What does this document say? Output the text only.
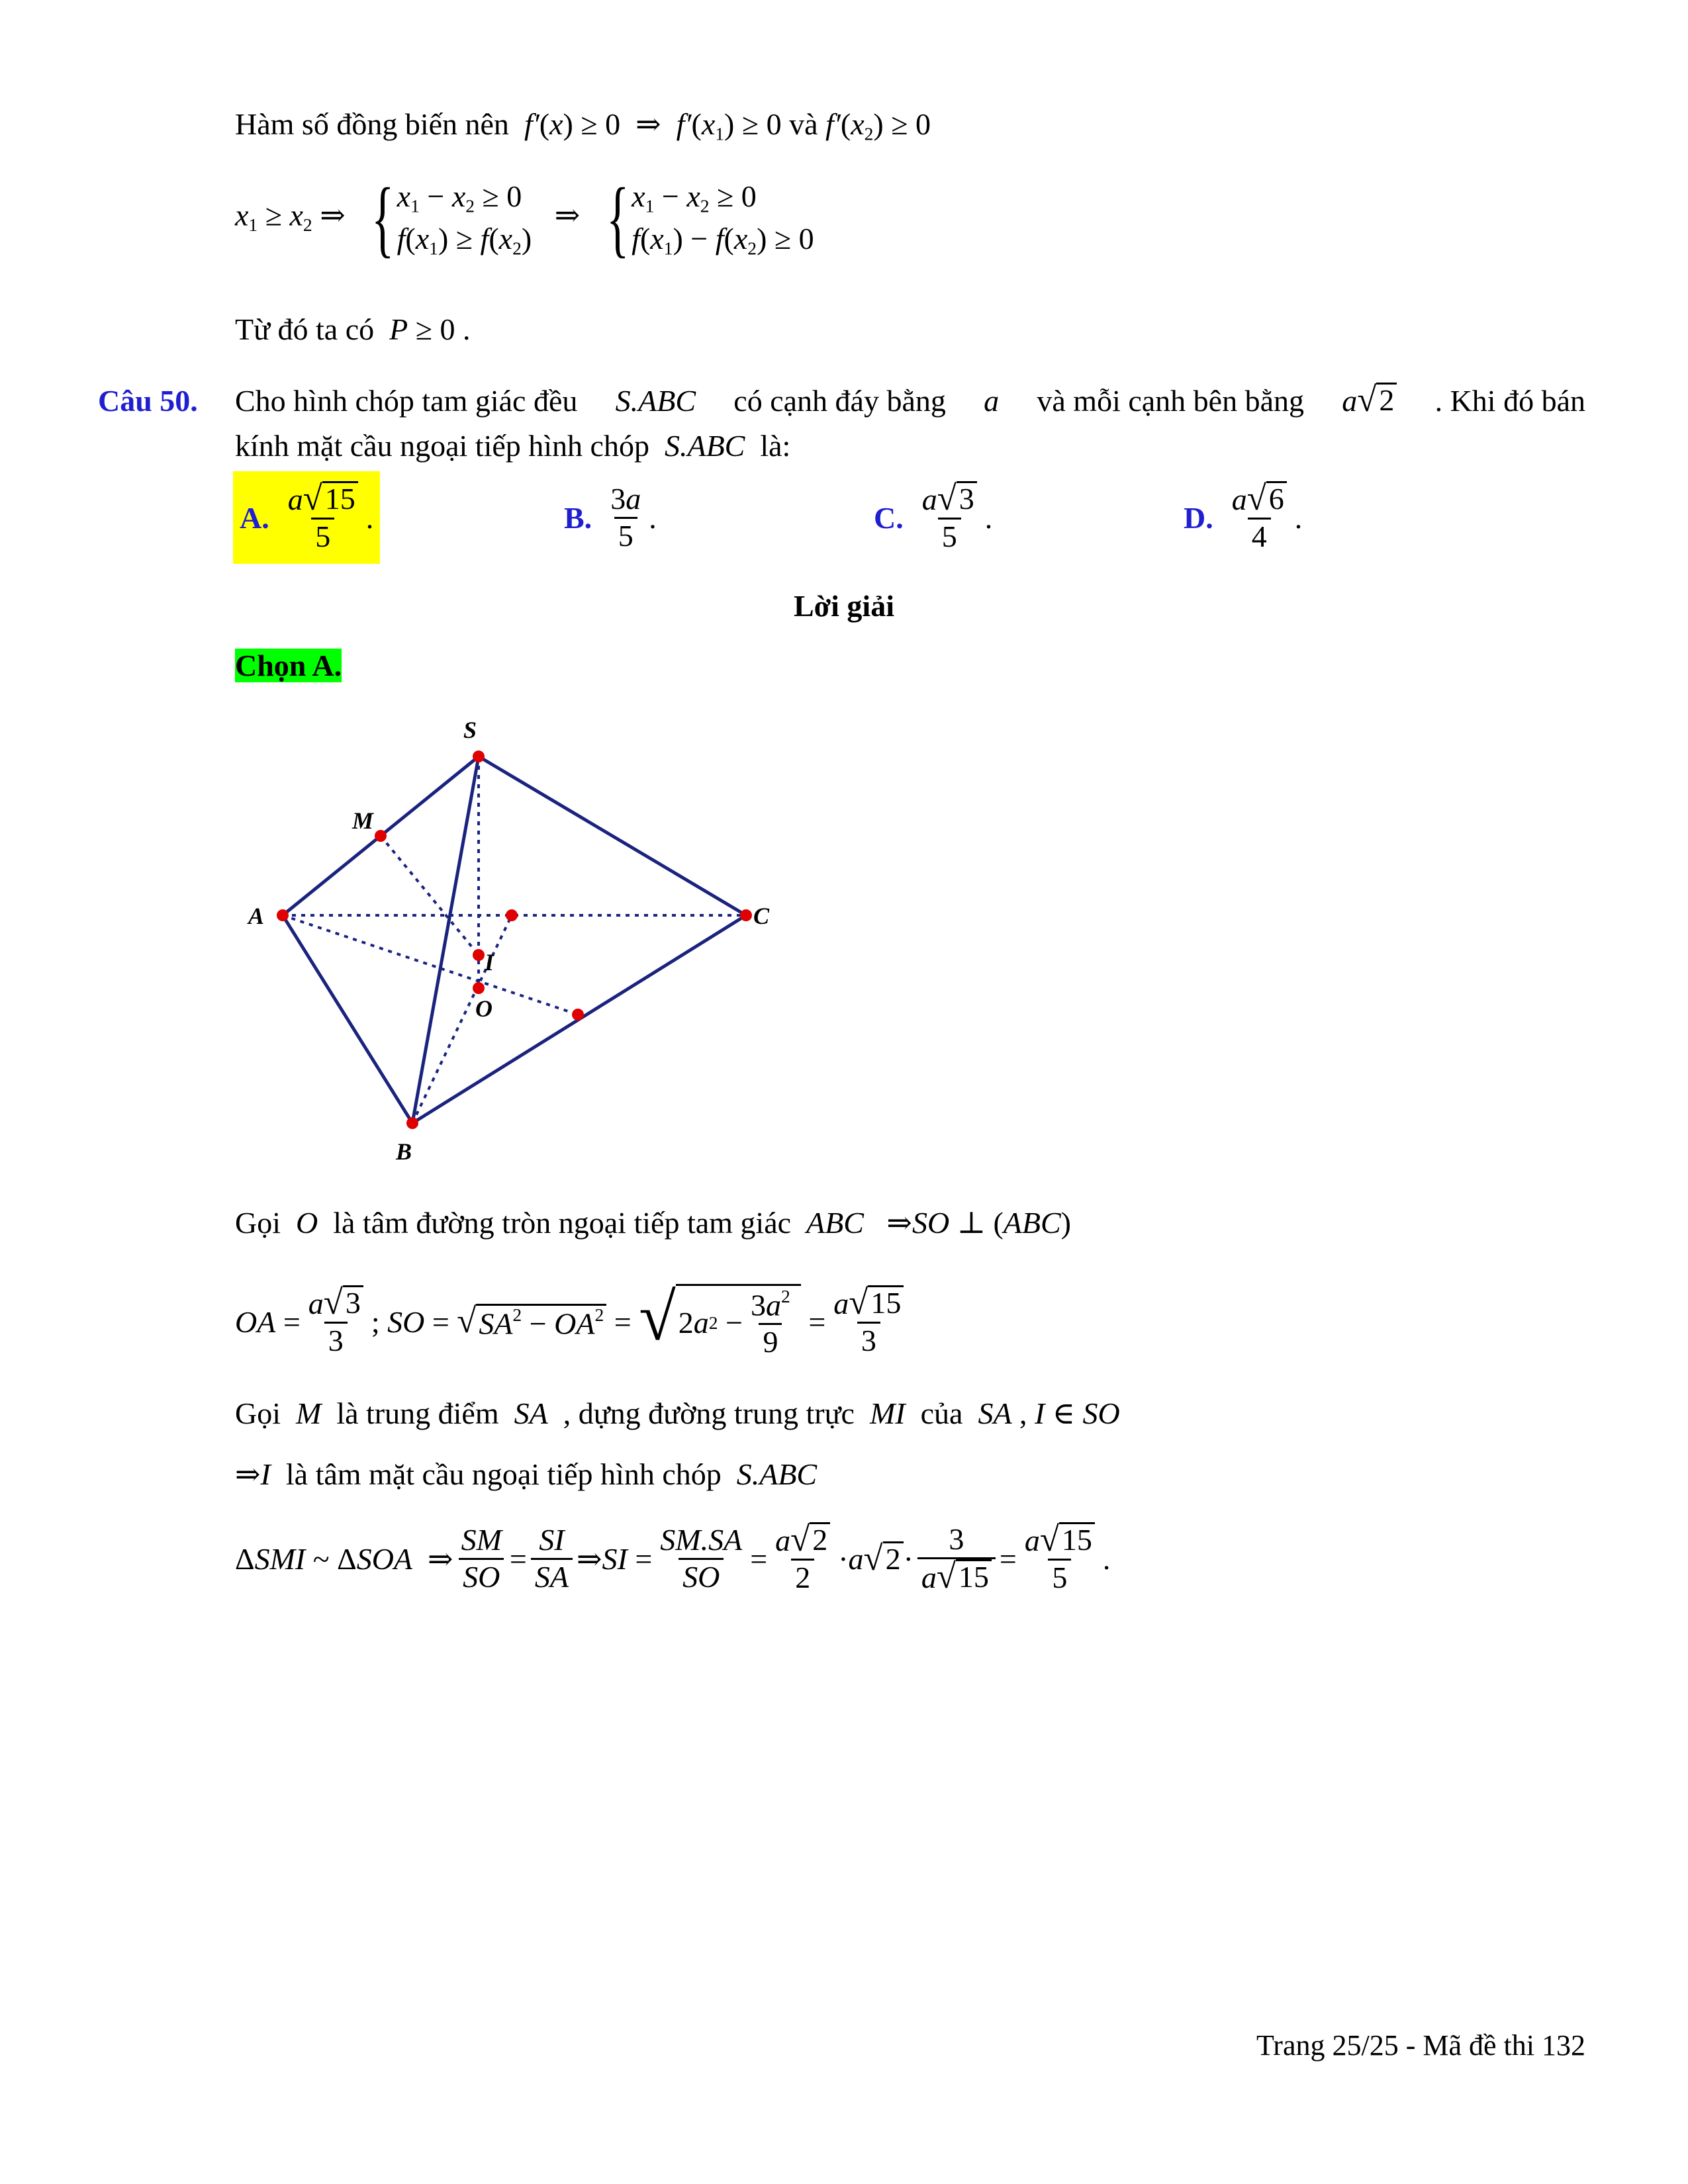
Hàm số đồng biến nên  f′(x) ≥ 0  ⇒  $f'(x_1) \ge 0$ và $f'(x_2) \ge 0$
$x_1 \ge x_2$ ⇒ { $x_1 - x_2 \ge 0$
$f(x_1) \ge f(x_2)$
⇒ { $x_1 - x_2 \ge 0$
$f(x_1) - f(x_2) \ge 0$
Từ đó ta có  P ≥ 0 .
Câu 50. Cho hình chóp tam giác đều S.ABC có cạnh đáy bằng a và mỗi cạnh bên bằng a √ 2 . Khi đó bán
kính mặt cầu ngoại tiếp hình chóp  S.ABC  là:
A. $\frac{a √ 15}{5}$ .	B. $\frac{3a}{5}$ .	C. $\frac{a √ 3}{5}$ .	D. $\frac{a √ 6}{4}$ .
Lời giải
Chọn A.
S
M
A	C
I
O
B
Gọi  O  là tâm đường tròn ngoại tiếp tam giác  ABC   ⇒SO ⊥ (ABC)
OA = $\frac{a √ 3}{3}$ ; SO = √ $SA^2 - OA^2$ = √ 2 a $2 - \frac{3a^2}{9} = \frac{a √ 15}{3}$
Gọi  M  là trung điểm  SA  , dựng đường trung trực  MI  của  SA , I ∈ SO
⇒I  là tâm mặt cầu ngoại tiếp hình chóp  S.ABC
Δ SMI ~ Δ SOA ⇒ $\frac{SM}{SO} = \frac{SI}{SA}$ ⇒ SI = $\frac{SM.SA}{SO} = \frac{a √ 2}{2} \cdot a$ √ $2 \cdot \frac{3}{a √ 15} = \frac{a √ 15}{5}$ .
Trang 25/25 - Mã đề thi 132
